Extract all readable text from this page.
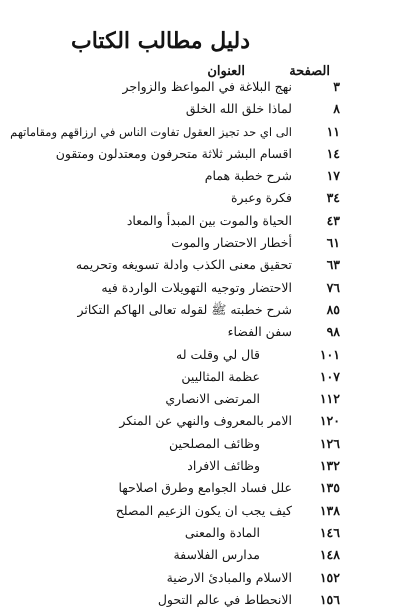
دليل مطالب الكتاب
الصفحة
العنوان
٣
نهج البلاغة في المواعظ والزواجر
٨
لماذا خلق الله الخلق
١١
الى اي حد تجيز العقول تفاوت الناس في ارزاقهم ومقاماتهم
١٤
اقسام البشر ثلاثة متحرفون ومعتدلون ومتقون
١٧
شرح خطبة همام
٣٤
فكرة وعبرة
٤٣
الحياة والموت بين المبدأ والمعاد
٦١
أخطار الاحتضار والموت
٦٣
تحقيق معنى الكذب وادلة تسويغه وتحريمه
٧٦
الاحتضار وتوجيه التهويلات الواردة فيه
٨٥
شرح خطبته ﷺ لقوله تعالى الهاكم التكاثر
٩٨
سفن الفضاء
١٠١
قال لي وقلت له
١٠٧
عظمة المثاليين
١١٢
المرتضى الانصاري
١٢٠
الامر بالمعروف والنهي عن المنكر
١٢٦
وظائف المصلحين
١٣٢
وظائف الافراد
١٣٥
علل فساد الجوامع وطرق اصلاحها
١٣٨
كيف يجب ان يكون الزعيم المصلح
١٤٦
المادة والمعنى
١٤٨
مدارس الفلاسفة
١٥٢
الاسلام والمبادئ الارضية
١٥٦
الانحطاط في عالم التحول
